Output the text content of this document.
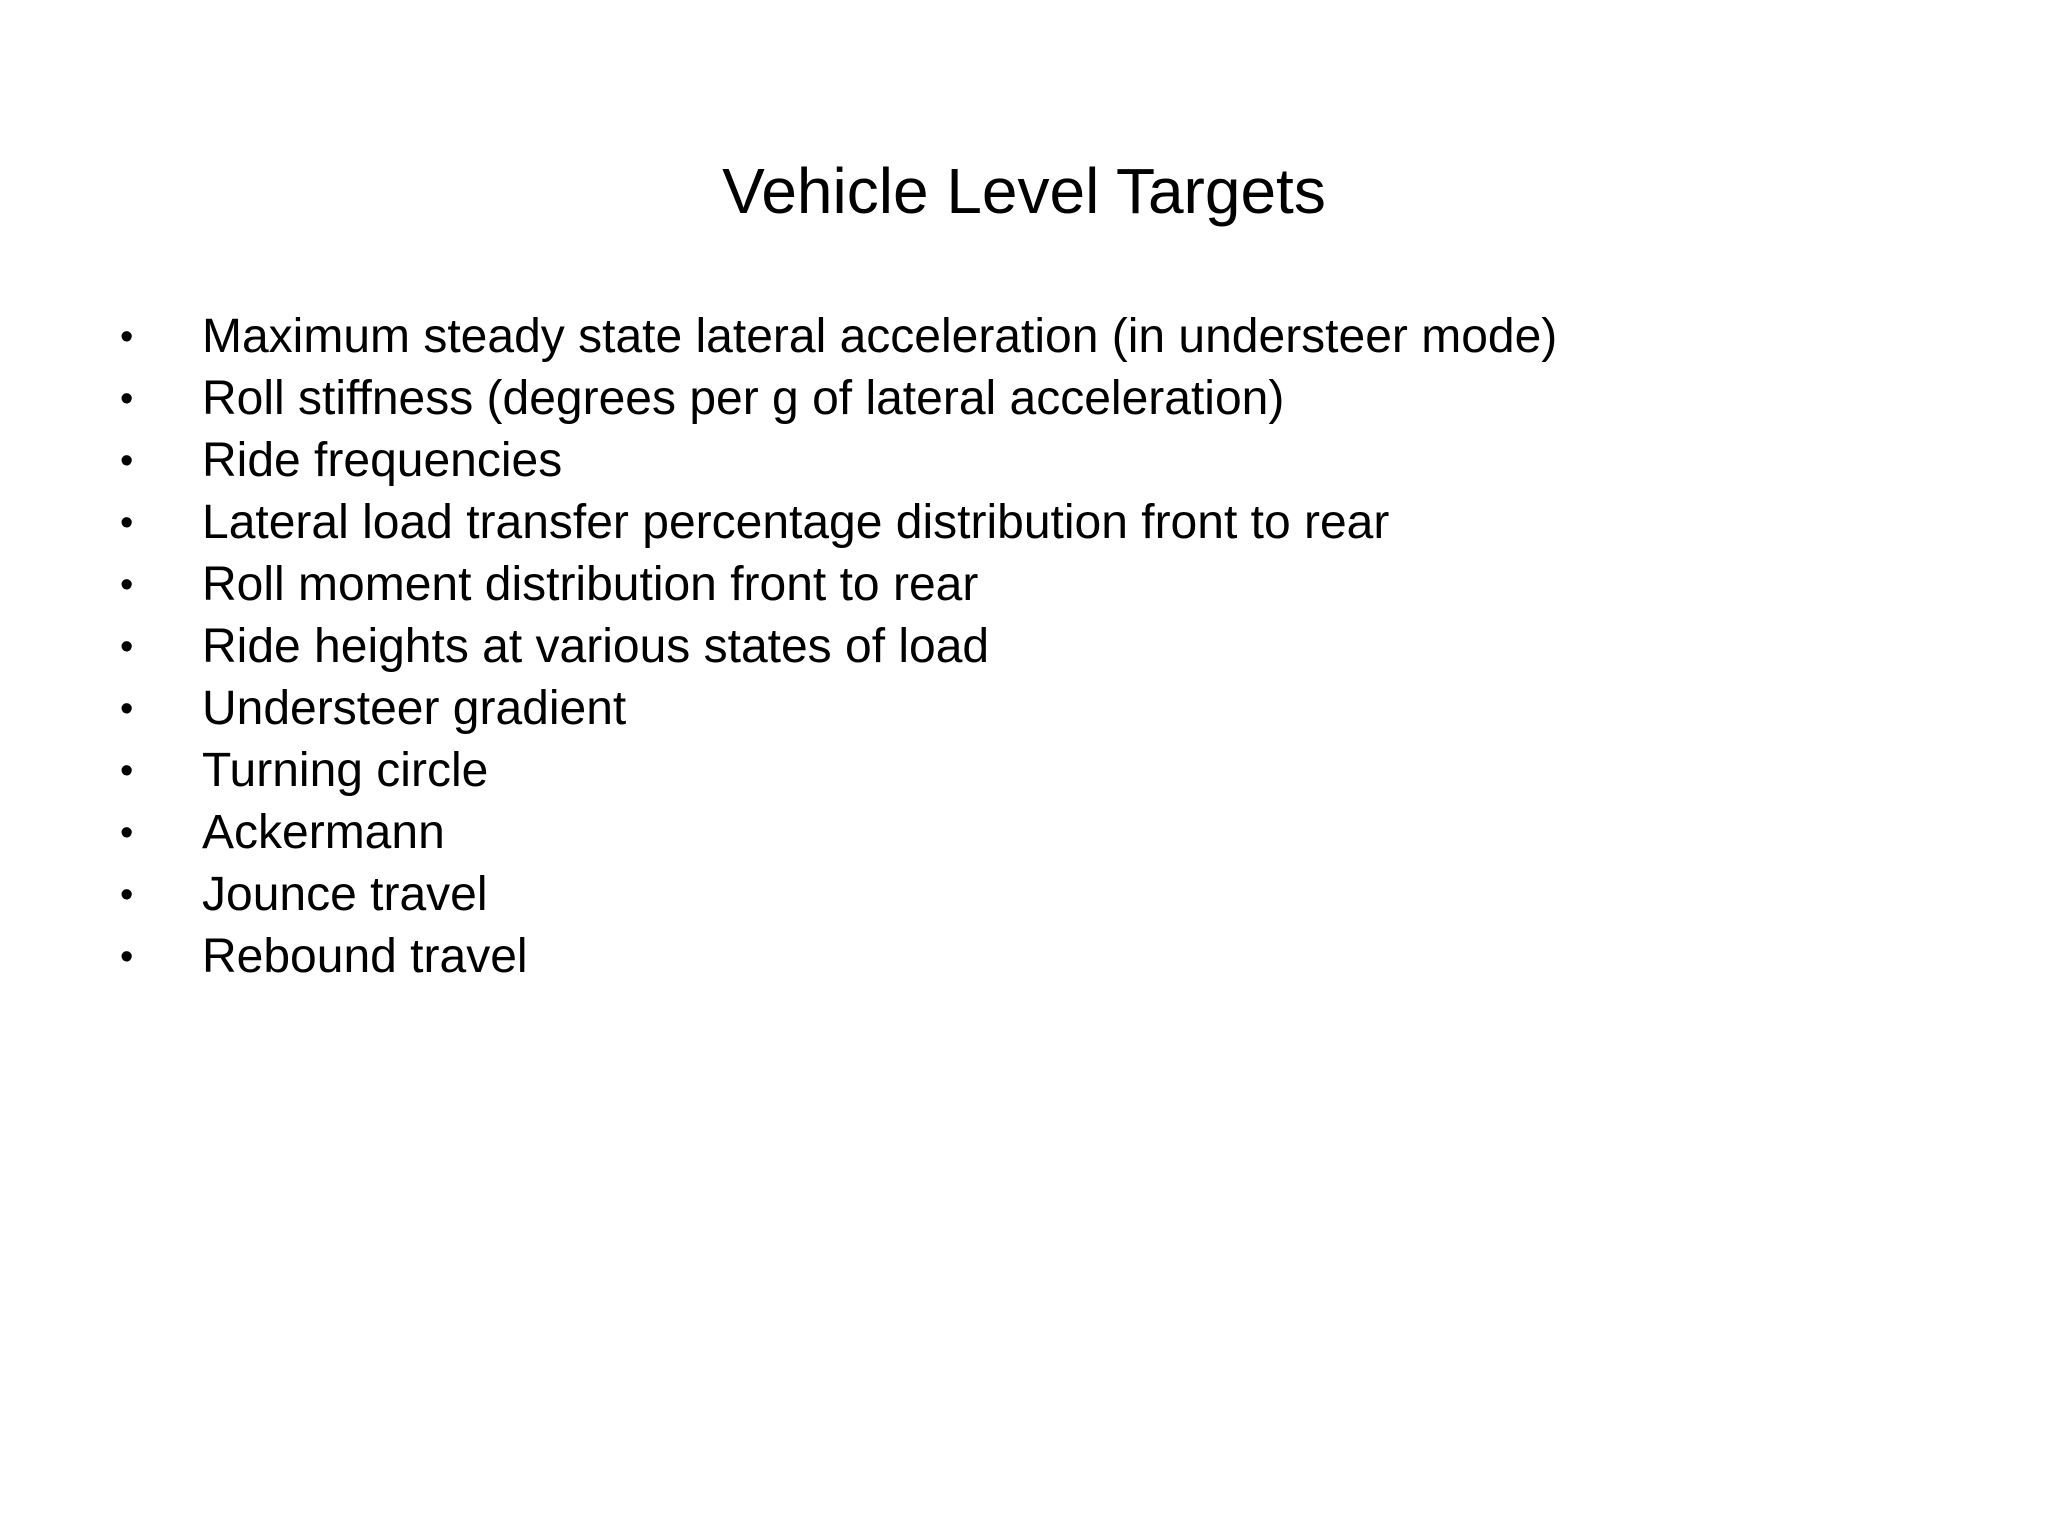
Vehicle Level Targets
• Maximum steady state lateral acceleration (in understeer mode)
• Roll stiffness (degrees per g of lateral acceleration)
• Ride frequencies
• Lateral load transfer percentage distribution front to rear
• Roll moment distribution front to rear
• Ride heights at various states of load
• Understeer gradient
• Turning circle
• Ackermann
• Jounce travel
• Rebound travel
